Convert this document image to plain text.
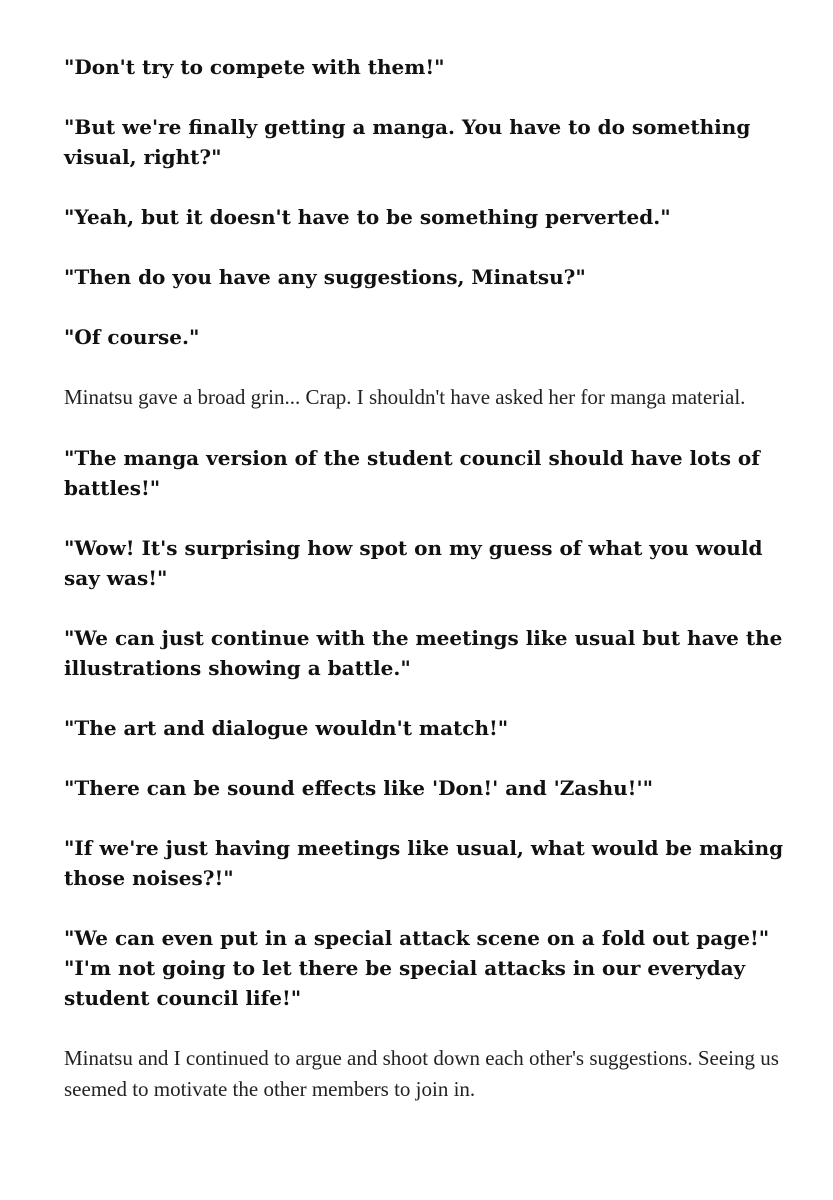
"Don't try to compete with them!"

"But we're finally getting a manga. You have to do something visual, right?"

"Yeah, but it doesn't have to be something perverted."

"Then do you have any suggestions, Minatsu?"

"Of course."

Minatsu gave a broad grin... Crap. I shouldn't have asked her for manga material.

"The manga version of the student council should have lots of battles!"

"Wow! It's surprising how spot on my guess of what you would say was!"

"We can just continue with the meetings like usual but have the illustrations showing a battle."

"The art and dialogue wouldn't match!"

"There can be sound effects like 'Don!' and 'Zashu!'"

"If we're just having meetings like usual, what would be making those noises?!"

"We can even put in a special attack scene on a fold out page!"
"I'm not going to let there be special attacks in our everyday student council life!"

Minatsu and I continued to argue and shoot down each other's suggestions. Seeing us seemed to motivate the other members to join in.
